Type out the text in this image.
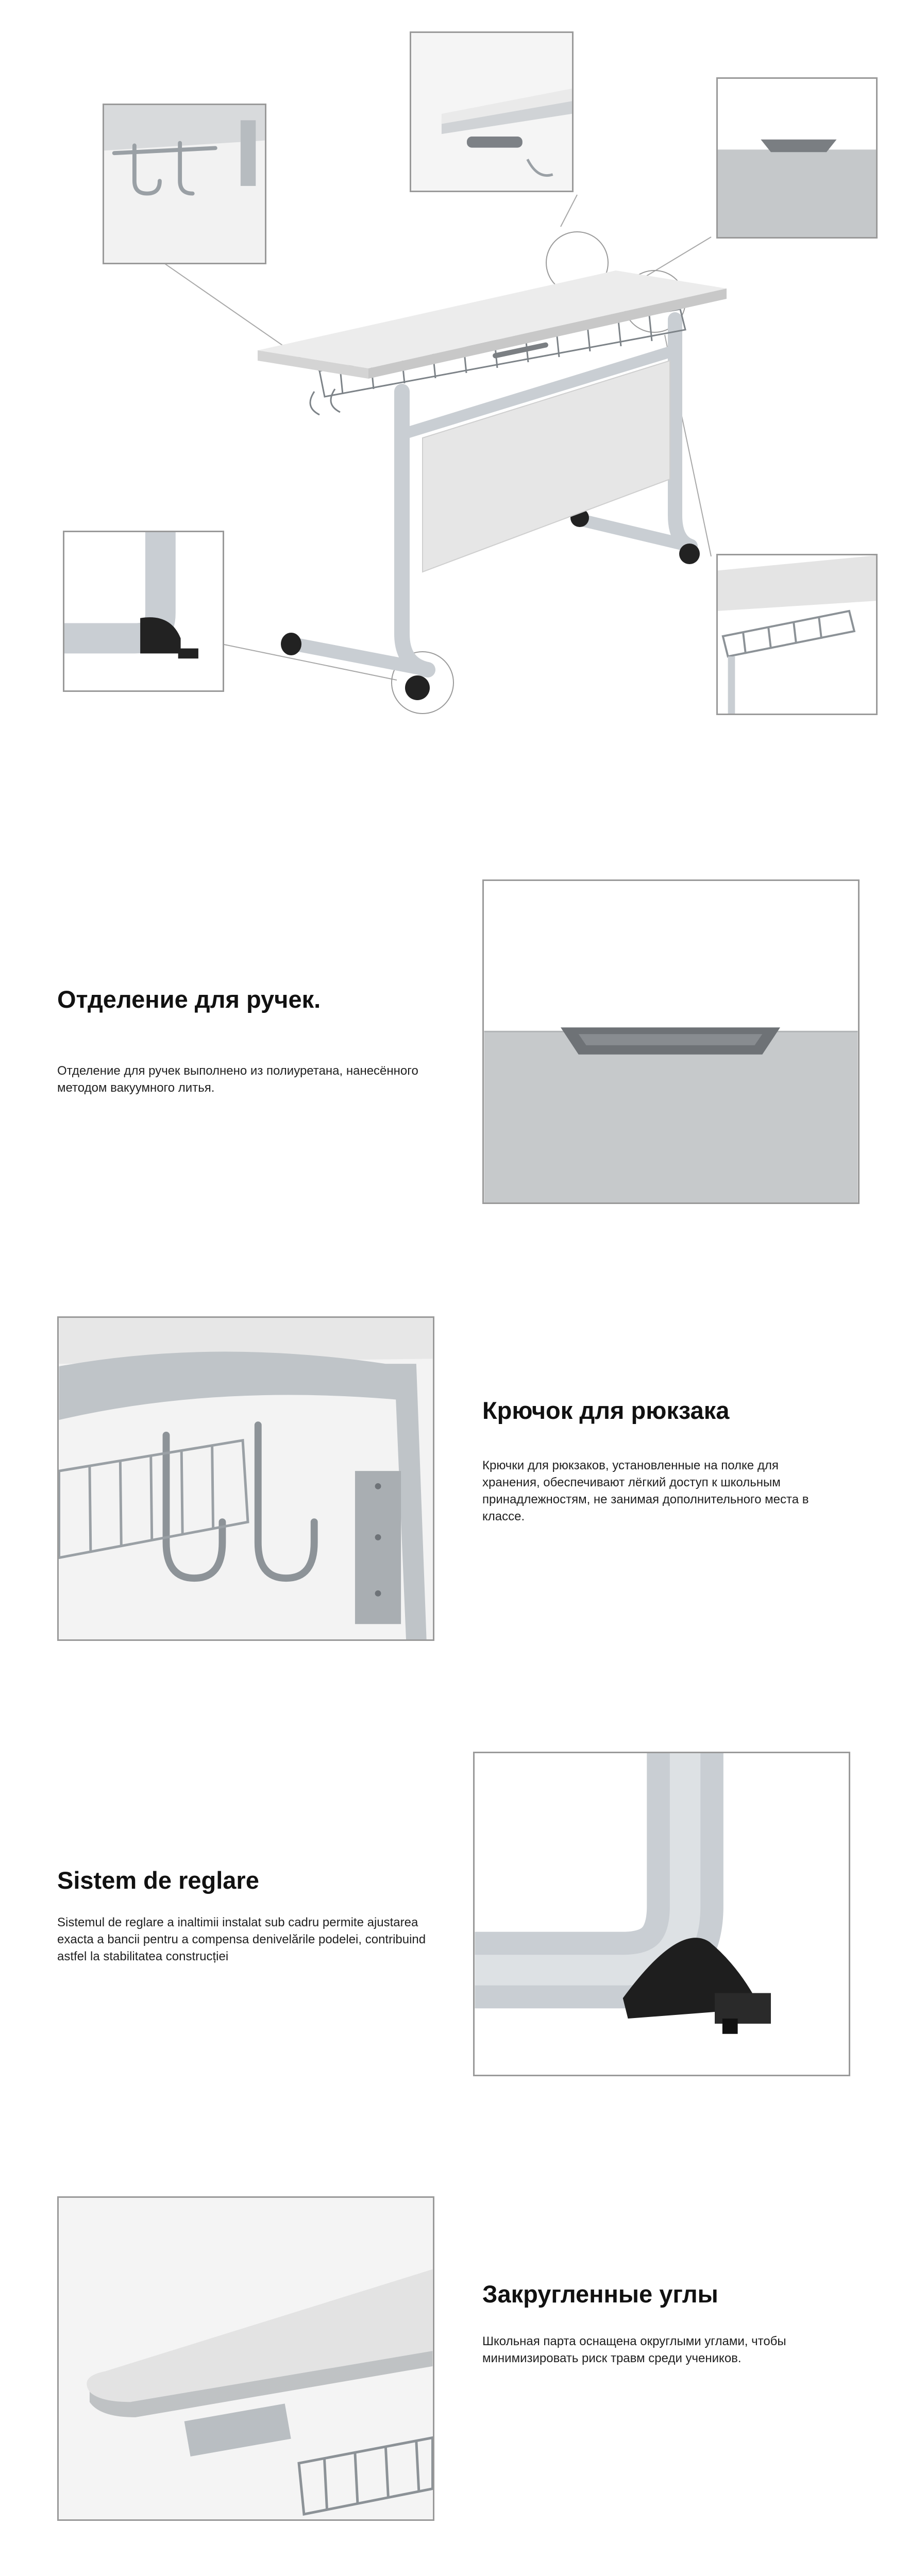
Отделение для ручек.
Отделение для ручек выполнено из полиуретана, нанесённого методом вакуумного литья.
Крючок для рюкзака
Крючки для рюкзаков, установленные на полке для хранения, обеспечивают лёгкий доступ к школьным принадлежностям, не занимая дополнительного места в классе.
Sistem de reglare
Sistemul de reglare a inaltimii instalat sub cadru permite ajustarea exacta a bancii pentru a compensa denivelările podelei, contribuind astfel la stabilitatea construcției
Закругленные углы
Школьная парта оснащена округлыми углами, чтобы минимизировать риск травм среди учеников.
